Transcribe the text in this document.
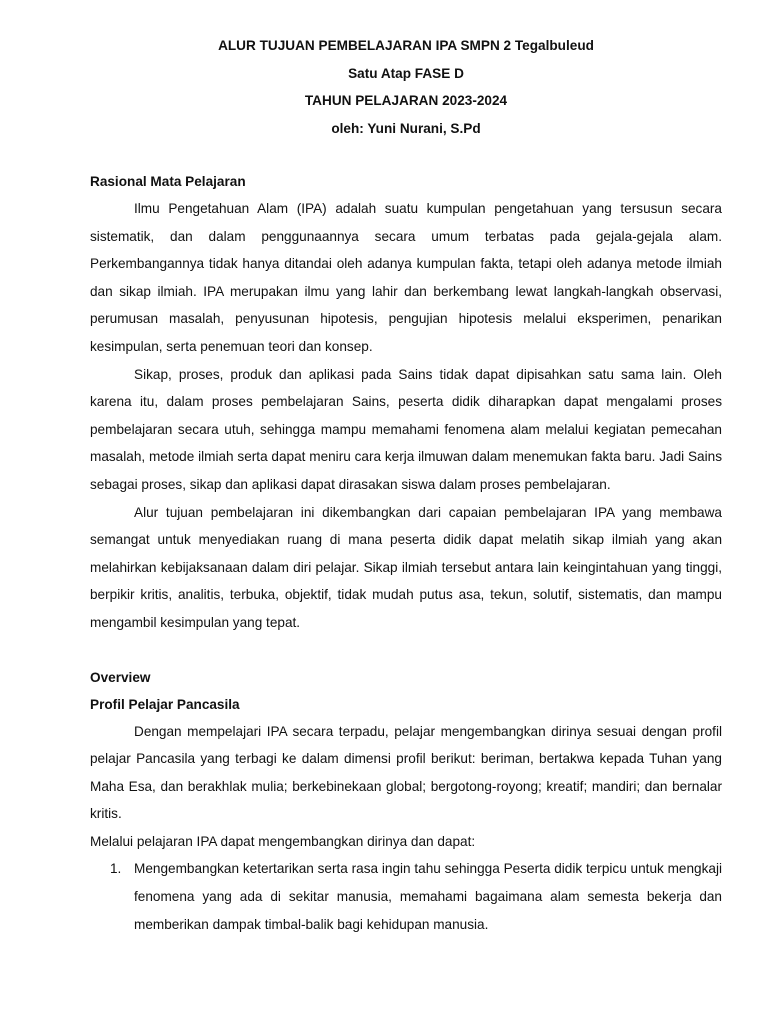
ALUR TUJUAN PEMBELAJARAN IPA SMPN 2 Tegalbuleud

Satu Atap FASE D

TAHUN PELAJARAN 2023-2024

oleh: Yuni Nurani, S.Pd

Rasional Mata Pelajaran

Ilmu Pengetahuan Alam (IPA) adalah suatu kumpulan pengetahuan yang tersusun secara sistematik, dan dalam penggunaannya secara umum terbatas pada gejala-gejala alam. Perkembangannya tidak hanya ditandai oleh adanya kumpulan fakta, tetapi oleh adanya metode ilmiah dan sikap ilmiah. IPA merupakan ilmu yang lahir dan berkembang lewat langkah-langkah observasi, perumusan masalah, penyusunan hipotesis, pengujian hipotesis melalui eksperimen, penarikan kesimpulan, serta penemuan teori dan konsep.

Sikap, proses, produk dan aplikasi pada Sains tidak dapat dipisahkan satu sama lain. Oleh karena itu, dalam proses pembelajaran Sains, peserta didik diharapkan dapat mengalami proses pembelajaran secara utuh, sehingga mampu memahami fenomena alam melalui kegiatan pemecahan masalah, metode ilmiah serta dapat meniru cara kerja ilmuwan dalam menemukan fakta baru. Jadi Sains sebagai proses, sikap dan aplikasi dapat dirasakan siswa dalam proses pembelajaran.

Alur tujuan pembelajaran ini dikembangkan dari capaian pembelajaran IPA yang membawa semangat untuk menyediakan ruang di mana peserta didik dapat melatih sikap ilmiah yang akan melahirkan kebijaksanaan dalam diri pelajar. Sikap ilmiah tersebut antara lain keingintahuan yang tinggi, berpikir kritis, analitis, terbuka, objektif, tidak mudah putus asa, tekun, solutif, sistematis, dan mampu mengambil kesimpulan yang tepat.

Overview

Profil Pelajar Pancasila

Dengan mempelajari IPA secara terpadu, pelajar mengembangkan dirinya sesuai dengan profil pelajar Pancasila yang terbagi ke dalam dimensi profil berikut: beriman, bertakwa kepada Tuhan yang Maha Esa, dan berakhlak mulia; berkebinekaan global; bergotong-royong; kreatif; mandiri; dan bernalar kritis.

Melalui pelajaran IPA dapat mengembangkan dirinya dan dapat:

1. Mengembangkan ketertarikan serta rasa ingin tahu sehingga Peserta didik terpicu untuk mengkaji fenomena yang ada di sekitar manusia, memahami bagaimana alam semesta bekerja dan memberikan dampak timbal-balik bagi kehidupan manusia.
